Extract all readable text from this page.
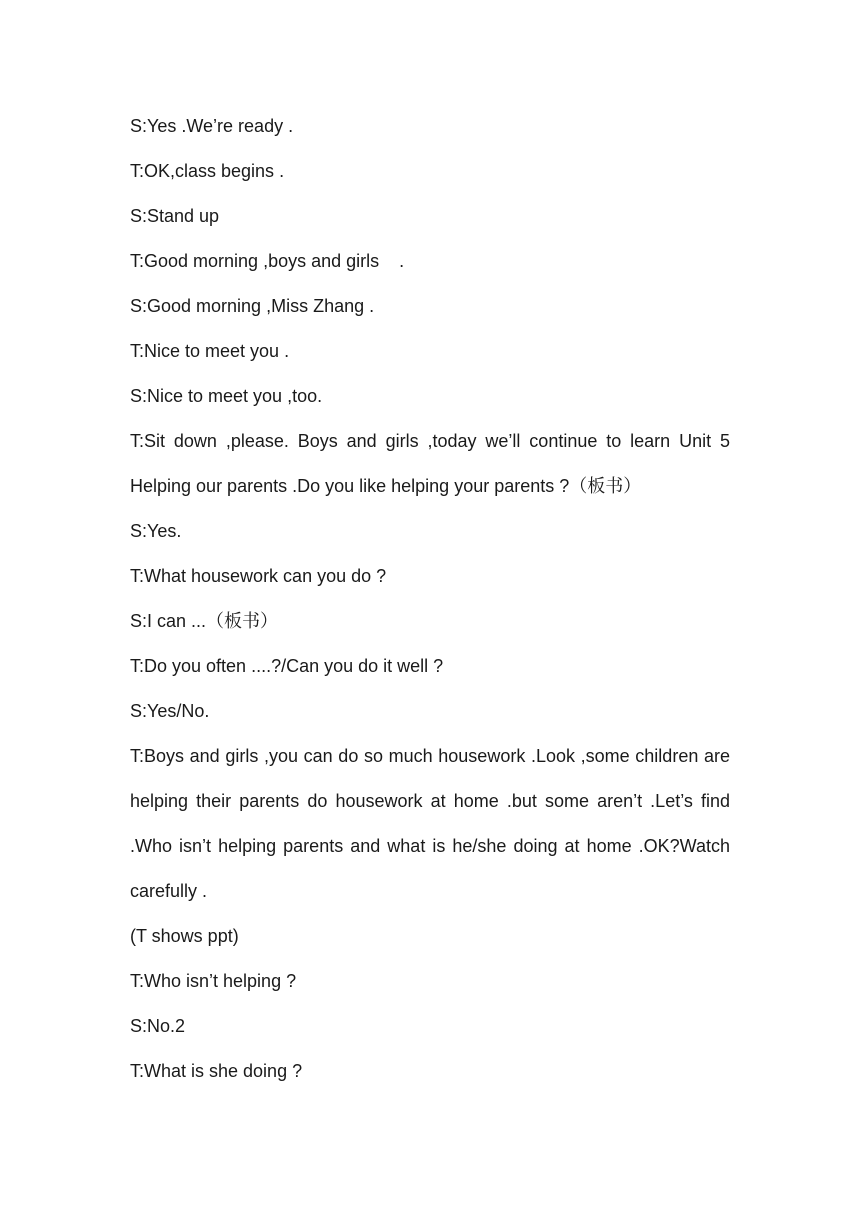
S:Yes .We’re ready .
T:OK,class begins .
S:Stand up
T:Good morning ,boys and girls    .
S:Good morning ,Miss Zhang .
T:Nice to meet you .
S:Nice to meet you ,too.
T:Sit down ,please. Boys and girls ,today we’ll continue to learn Unit 5 Helping our parents .Do you like helping your parents ?（板书）
S:Yes.
T:What housework can you do ?
S:I can ...（板书）
T:Do you often ....?/Can you do it well ?
S:Yes/No.
T:Boys and girls ,you can do so much housework .Look ,some children are helping their parents do housework at home .but some aren’t .Let’s find .Who isn’t helping parents and what is he/she doing at home .OK?Watch carefully .
(T shows ppt)
T:Who isn’t helping ?
S:No.2
T:What is she doing ?
